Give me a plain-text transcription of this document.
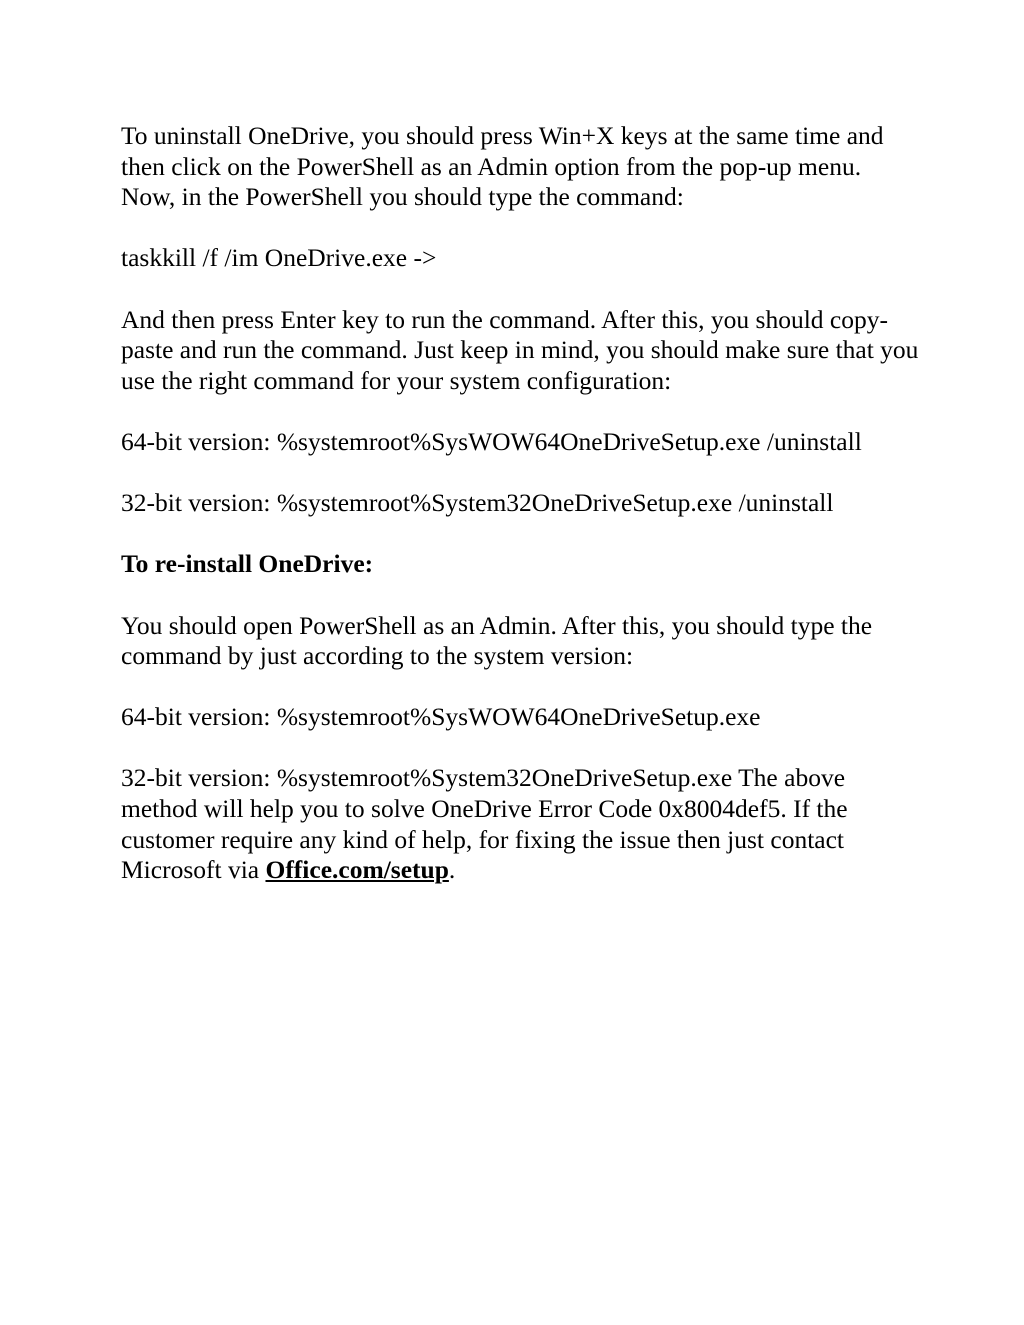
To uninstall OneDrive, you should press Win+X keys at the same time and then click on the PowerShell as an Admin option from the pop-up menu. Now, in the PowerShell you should type the command:

taskkill /f /im OneDrive.exe ->

And then press Enter key to run the command. After this, you should copy-paste and run the command. Just keep in mind, you should make sure that you use the right command for your system configuration:

64-bit version: %systemroot%SysWOW64OneDriveSetup.exe /uninstall

32-bit version: %systemroot%System32OneDriveSetup.exe /uninstall

To re-install OneDrive:

You should open PowerShell as an Admin. After this, you should type the command by just according to the system version:

64-bit version: %systemroot%SysWOW64OneDriveSetup.exe

32-bit version: %systemroot%System32OneDriveSetup.exe The above method will help you to solve OneDrive Error Code 0x8004def5. If the customer require any kind of help, for fixing the issue then just contact Microsoft via Office.com/setup.
